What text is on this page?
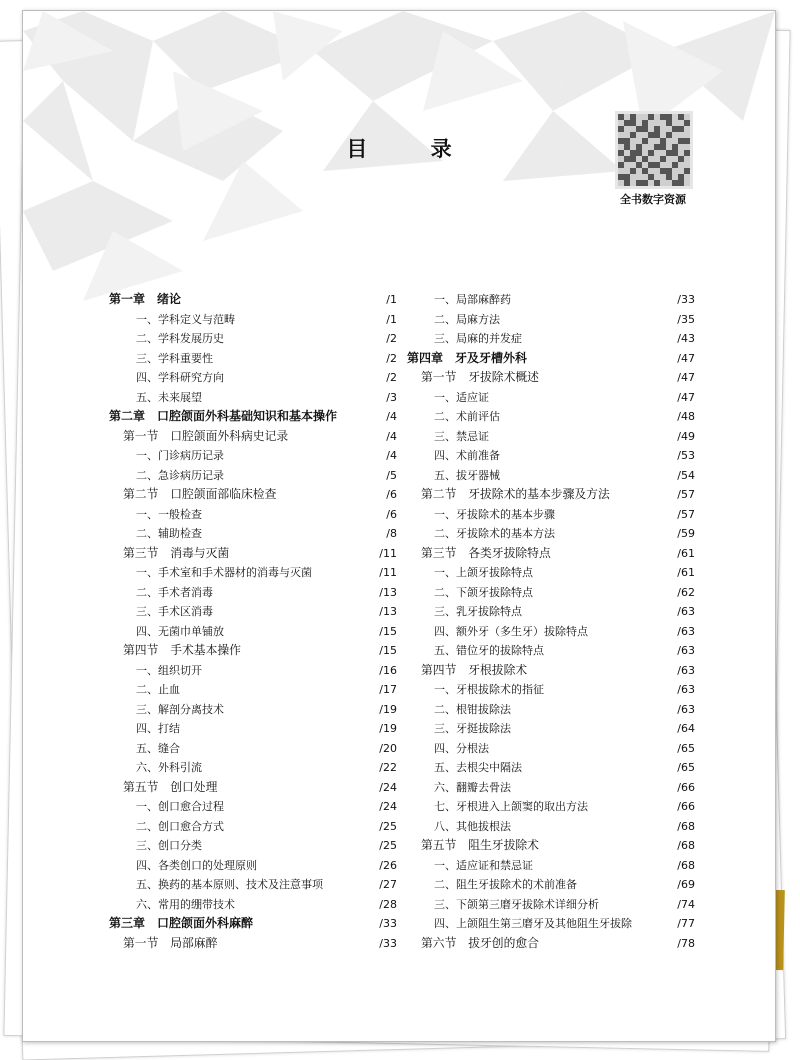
目 录
全书数字资源
第一章　绪论	/1
一、学科定义与范畴	/1
二、学科发展历史	/2
三、学科重要性	/2
四、学科研究方向	/2
五、未来展望	/3
第二章　口腔颌面外科基础知识和基本操作	/4
第一节　口腔颌面外科病史记录	/4
一、门诊病历记录	/4
二、急诊病历记录	/5
第二节　口腔颌面部临床检查	/6
一、一般检查	/6
二、辅助检查	/8
第三节　消毒与灭菌	/11
一、手术室和手术器材的消毒与灭菌	/11
二、手术者消毒	/13
三、手术区消毒	/13
四、无菌巾单铺放	/15
第四节　手术基本操作	/15
一、组织切开	/16
二、止血	/17
三、解剖分离技术	/19
四、打结	/19
五、缝合	/20
六、外科引流	/22
第五节　创口处理	/24
一、创口愈合过程	/24
二、创口愈合方式	/25
三、创口分类	/25
四、各类创口的处理原则	/26
五、换药的基本原则、技术及注意事项	/27
六、常用的绷带技术	/28
第三章　口腔颌面外科麻醉	/33
第一节　局部麻醉	/33
一、局部麻醉药	/33
二、局麻方法	/35
三、局麻的并发症	/43
第四章　牙及牙槽外科	/47
第一节　牙拔除术概述	/47
一、适应证	/47
二、术前评估	/48
三、禁忌证	/49
四、术前准备	/53
五、拔牙器械	/54
第二节　牙拔除术的基本步骤及方法	/57
一、牙拔除术的基本步骤	/57
二、牙拔除术的基本方法	/59
第三节　各类牙拔除特点	/61
一、上颌牙拔除特点	/61
二、下颌牙拔除特点	/62
三、乳牙拔除特点	/63
四、额外牙（多生牙）拔除特点	/63
五、错位牙的拔除特点	/63
第四节　牙根拔除术	/63
一、牙根拔除术的指征	/63
二、根钳拔除法	/63
三、牙挺拔除法	/64
四、分根法	/65
五、去根尖中隔法	/65
六、翻瓣去骨法	/66
七、牙根进入上颌窦的取出方法	/66
八、其他拔根法	/68
第五节　阻生牙拔除术	/68
一、适应证和禁忌证	/68
二、阻生牙拔除术的术前准备	/69
三、下颌第三磨牙拔除术详细分析	/74
四、上颌阻生第三磨牙及其他阻生牙拔除	/77
第六节　拔牙创的愈合	/78
